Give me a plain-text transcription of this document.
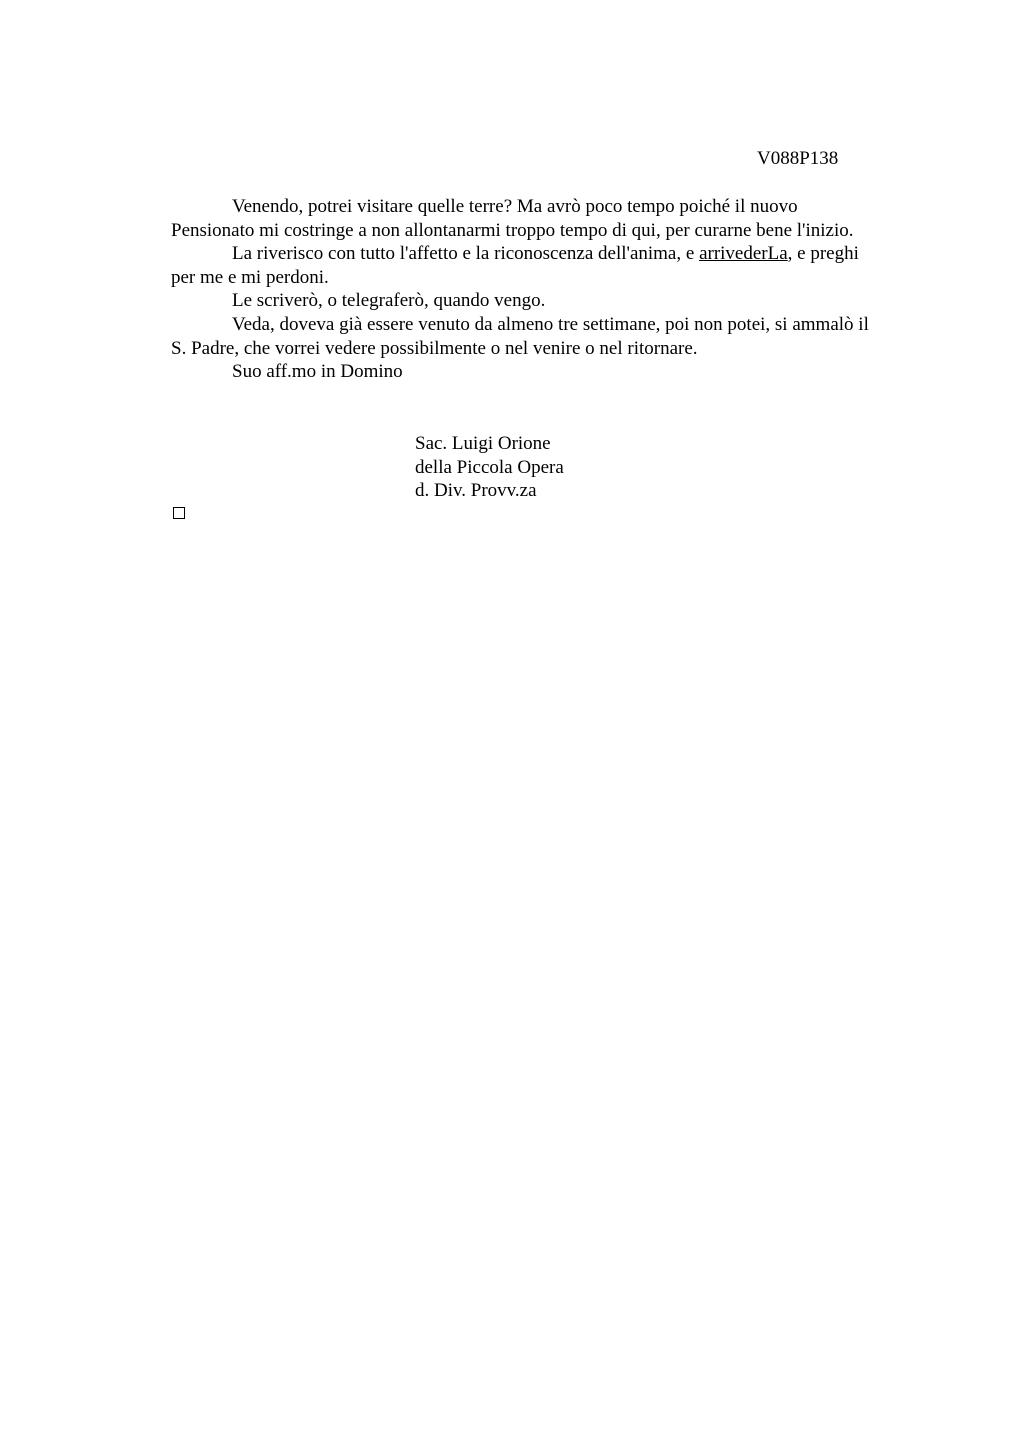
V088P138
Venendo, potrei visitare quelle terre? Ma avrò poco tempo poiché il nuovo
Pensionato mi costringe a non allontanarmi troppo tempo di qui, per curarne bene l'inizio.
La riverisco con tutto l'affetto e la riconoscenza dell'anima, e arrivederLa, e preghi
per me e mi perdoni.
Le scriverò, o telegraferò, quando vengo.
Veda, doveva già essere venuto da almeno tre settimane, poi non potei, si ammalò il
S. Padre, che vorrei vedere possibilmente o nel venire o nel ritornare.
Suo aff.mo in Domino
Sac. Luigi Orione
della Piccola Opera
d. Div. Provv.za
